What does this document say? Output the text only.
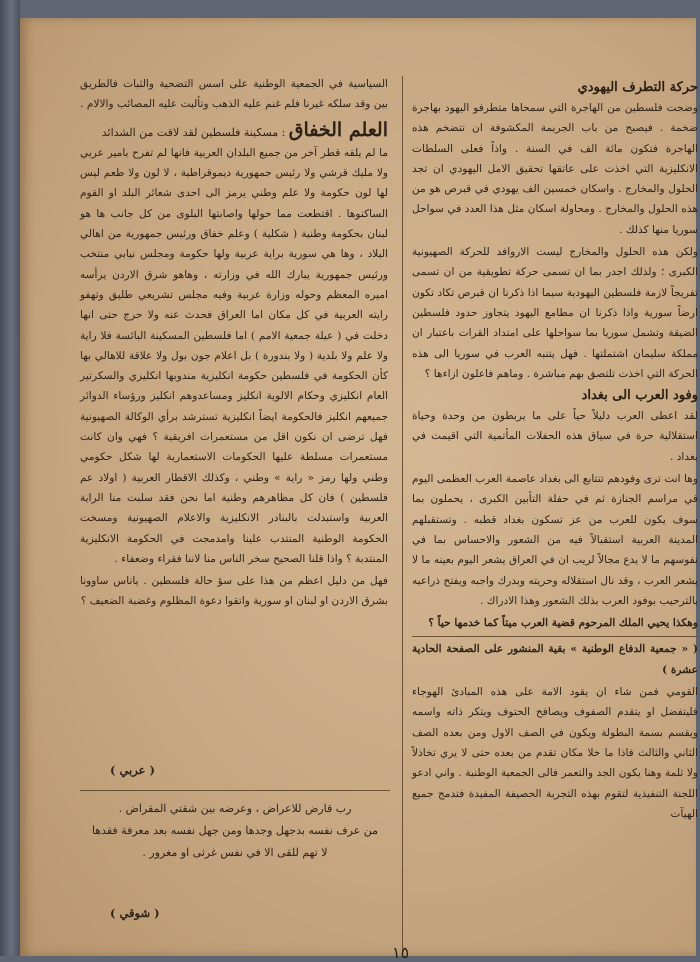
حركة التطرف اليهودي

وضجت فلسطين من الهاجرة التي سمحاها متطرفو اليهود بهاجرة ضخمة . فيصبح من باب الجريمة المكشوفة ان تتضخم هذه الهاجرة فتكون مائة الف في السنة . واذاً فعلى السلطات الانكليزية التي اخذت على عاتقها تحقيق الامل اليهودي ان تجد الحلول والمخارج . واسكان خمسين الف يهودي في قبرص هو من هذه الحلول والمخارج . ومحاولة اسكان مثل هذا العدد في سواحل سوريا منها كذلك .

ولكن هذه الحلول والمخارج ليست الاروافد للحركة الصهيونية الكبرى ؛ ولذلك اجدر بما ان تسمى حركة تطويقية من ان تسمى تفريجاً لازمة فلسطين اليهودية سيما اذا ذكرنا ان قبرص تكاد تكون ارضاً سورية واذا ذكرنا ان مطامع اليهود يتجاوز حدود فلسطين الضيقة وتشمل سوريا بما سواحلها على امتداد القرات باعتبار ان مملكة سليمان اشتملتها . فهل يتنبه العرب في سوريا الى هذه الحركة التي اخذت تلتصق بهم مباشرة . وماهم فاعلون ازاءها ؟

وفود العرب الى بغداد

لقد اعطى العرب دليلاً حياً على ما يربطون من وحدة وحياة استقلالية حرة في سياق هذه الحفلات المأتمية التي اقيمت في بغداد .

وها انت ترى وفودهم تتتابع الى بغداد عاصمة العرب العظمى اليوم في مراسم الجنازة ثم في حفلة التأبين الكبرى ، يحملون بما سوف يكون للعرب من عز تسكون بغداد قطبه . وتستقبلهم المدينة العربية استقبالاً فيه من الشعور والاحساس بما في نفوسهم ما لا يدع مجالاً لريب ان في العراق يشعر اليوم بعينه ما لا يشعر العرب ، وقد نال استقلاله وحريته وبدرك واجبه ويفتح ذراعيه بالترحيب بوفود العرب بذلك الشعور وهذا الادراك .

وهكذا يحيي الملك المرحوم قضية العرب ميتاً كما خدمها حياً ؟

( « جمعية الدفاع الوطنية » بقية المنشور على الصفحة الحادية عشرة )

القومي فمن شاء ان يقود الامة على هذه المبادئ الهوجاء فليتفضل او يتقدم الصفوف ويصافح الحتوف ويتكر ذاته واسمه ويقسم بسمة البطولة ويكون في الصف الاول ومن بعده الصف الثاني والثالث فاذا ما خلا مكان تقدم من بعده حتى لا يري تخاذلاً ولا ثلمة وهنا يكون الجد والتعمر فالى الجمعية الوطنية . واني ادعو اللجنة التنفيذية لتقوم بهذه التجربة الحصيفة المفيدة فتدمج جميع الهيآت

السياسية في الجمعية الوطنية على اسس التضحية والثبات فالطريق بين وقد سلكه غيرنا فلم غنم عليه الذهب وتألبت عليه المصائب والالام .

العلم الخفاق : مسكينة فلسطين لقد لاقت من الشدائد

ما لم يلقه قطر آخر من جميع البلدان العربية فانها لم تفرح بامير عربي ولا مليك قرشي ولا رئيس جمهورية ديموقراطية ، لا لون ولا طعم ليس لها لون حكومة ولا علم وطني يرمز الى احدى شعائر البلد او القوم الساكنوها . اقتطعت مما حولها واصابتها البلوى من كل جانب ها هو لبنان بحكومة وطنية ( شكلية ) وعلم خفاق ورئيس جمهورية من اهالي البلاد ، وها هي سورية براية عربية ولها حكومة ومجلس نيابي منتخب ورئيس جمهورية يبارك الله في وزارته ، وهاهو شرق الاردن يرأسه اميره المعظم وحوله وزارة عربية وفيه مجلس تشريعي طليق وتهفو رايته العربية في كل مكان اما العراق فحدث عنه ولا حرج حتى انها دخلت في ( عيلة جمعية الامم ) اما فلسطين المسكينة البائسة فلا راية ولا علم ولا بلدية ( ولا بندورة ) بل اعلام جون بول ولا علاقة للاهالي بها كأن الحكومة في فلسطين حكومة انكليزية مندوبها انكليزي والسكرتير العام انكليزي وحكام الالوية انكليز ومساعدوهم انكليز ورؤساء الدوائر جميعهم انكليز فالحكومة ايضاً انكليزية تسترشد برأي الوكالة الصهيونية فهل ترضى ان نكون اقل من مستعمرات افريقية ؟ فهي وان كانت مستعمرات مسلطة عليها الحكومات الاستعمارية لها شكل حكومي وطني ولها رمز « راية » وطني ، وكذلك الاقطار العربية ( اولاد عم فلسطين ) فان كل مظاهرهم وطنية اما نحن فقد سلبت منا الراية العربية واستبدلت بالبنادر الانكليزية والاعلام الصهيونية ومسخت الحكومة الوطنية المنتدب علينا وامدمجت في الحكومة الانكليزية المنتدبة ؟ واذا قلنا الصحيح سخر الناس منا لاننا فقراء وضعفاء .

فهل من دليل اعظم من هذا على سؤ حالة فلسطين . ياناس ساوونا بشرق الاردن او لبنان او سورية واتقوا دعوة المظلوم وغضبة الضعيف ؟

( عربي )
رب قارض للاعراض ، وعرضه بين شقتي المقراض .
من عرف نفسه بدجهل وجدها ومن جهل نفسه بعد معرفة فقدها
لا تهم للقى الا في نفس غرثى او مغرور .
( شوقي )
١٥
